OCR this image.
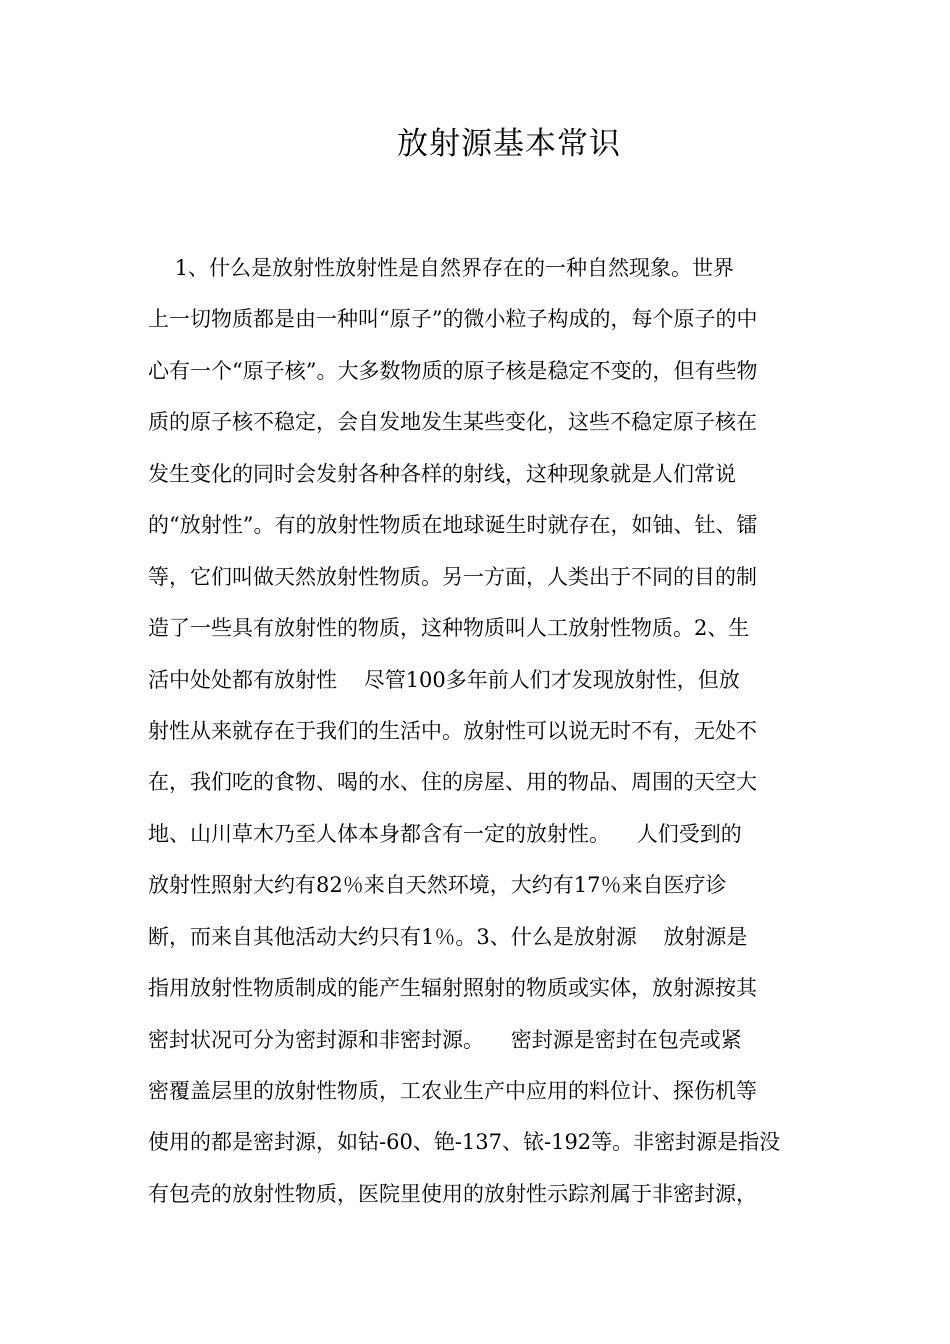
放射源基本常识
1、什么是放射性放射性是自然界存在的一种自然现象。世界
上一切物质都是由一种叫“原子”的微小粒子构成的，每个原子的中
心有一个“原子核”。大多数物质的原子核是稳定不变的，但有些物
质的原子核不稳定，会自发地发生某些变化，这些不稳定原子核在
发生变化的同时会发射各种各样的射线，这种现象就是人们常说
的“放射性”。有的放射性物质在地球诞生时就存在，如铀、钍、镭
等，它们叫做天然放射性物质。另一方面，人类出于不同的目的制
造了一些具有放射性的物质，这种物质叫人工放射性物质。2、生
活中处处都有放射性    尽管100多年前人们才发现放射性，但放
射性从来就存在于我们的生活中。放射性可以说无时不有，无处不
在，我们吃的食物、喝的水、住的房屋、用的物品、周围的天空大
地、山川草木乃至人体本身都含有一定的放射性。    人们受到的
放射性照射大约有82％来自天然环境，大约有17％来自医疗诊
断，而来自其他活动大约只有1％。3、什么是放射源    放射源是
指用放射性物质制成的能产生辐射照射的物质或实体，放射源按其
密封状况可分为密封源和非密封源。    密封源是密封在包壳或紧
密覆盖层里的放射性物质，工农业生产中应用的料位计、探伤机等
使用的都是密封源，如钴-60、铯-137、铱-192等。非密封源是指没
有包壳的放射性物质，医院里使用的放射性示踪剂属于非密封源，
